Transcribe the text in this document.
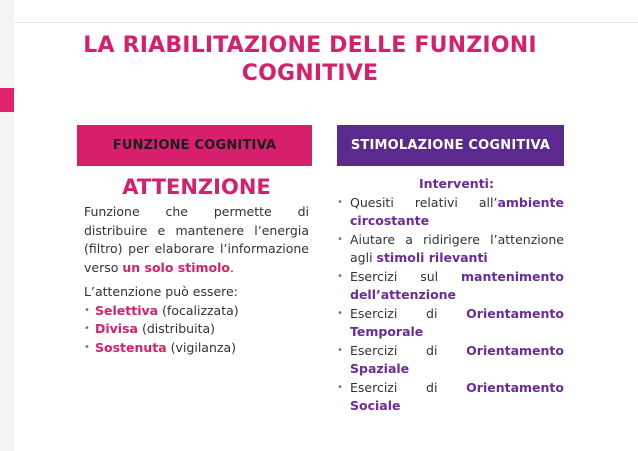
LA RIABILITAZIONE DELLE FUNZIONI COGNITIVE
FUNZIONE COGNITIVA	STIMOLAZIONE COGNITIVA
ATTENZIONE

Funzione che permette di distribuire e mantenere l’energia (filtro) per elaborare l’informazione verso un solo stimolo.

L’attenzione può essere:

• Selettiva (focalizzata)
• Divisa (distribuita)
• Sostenuta (vigilanza)
Interventi:
• Quesiti relativi all’ambiente circostante
• Aiutare a ridirigere l’attenzione agli stimoli rilevanti
• Esercizi sul mantenimento dell’attenzione
• Esercizi di Orientamento Temporale
• Esercizi di Orientamento Spaziale
• Esercizi di Orientamento Sociale
